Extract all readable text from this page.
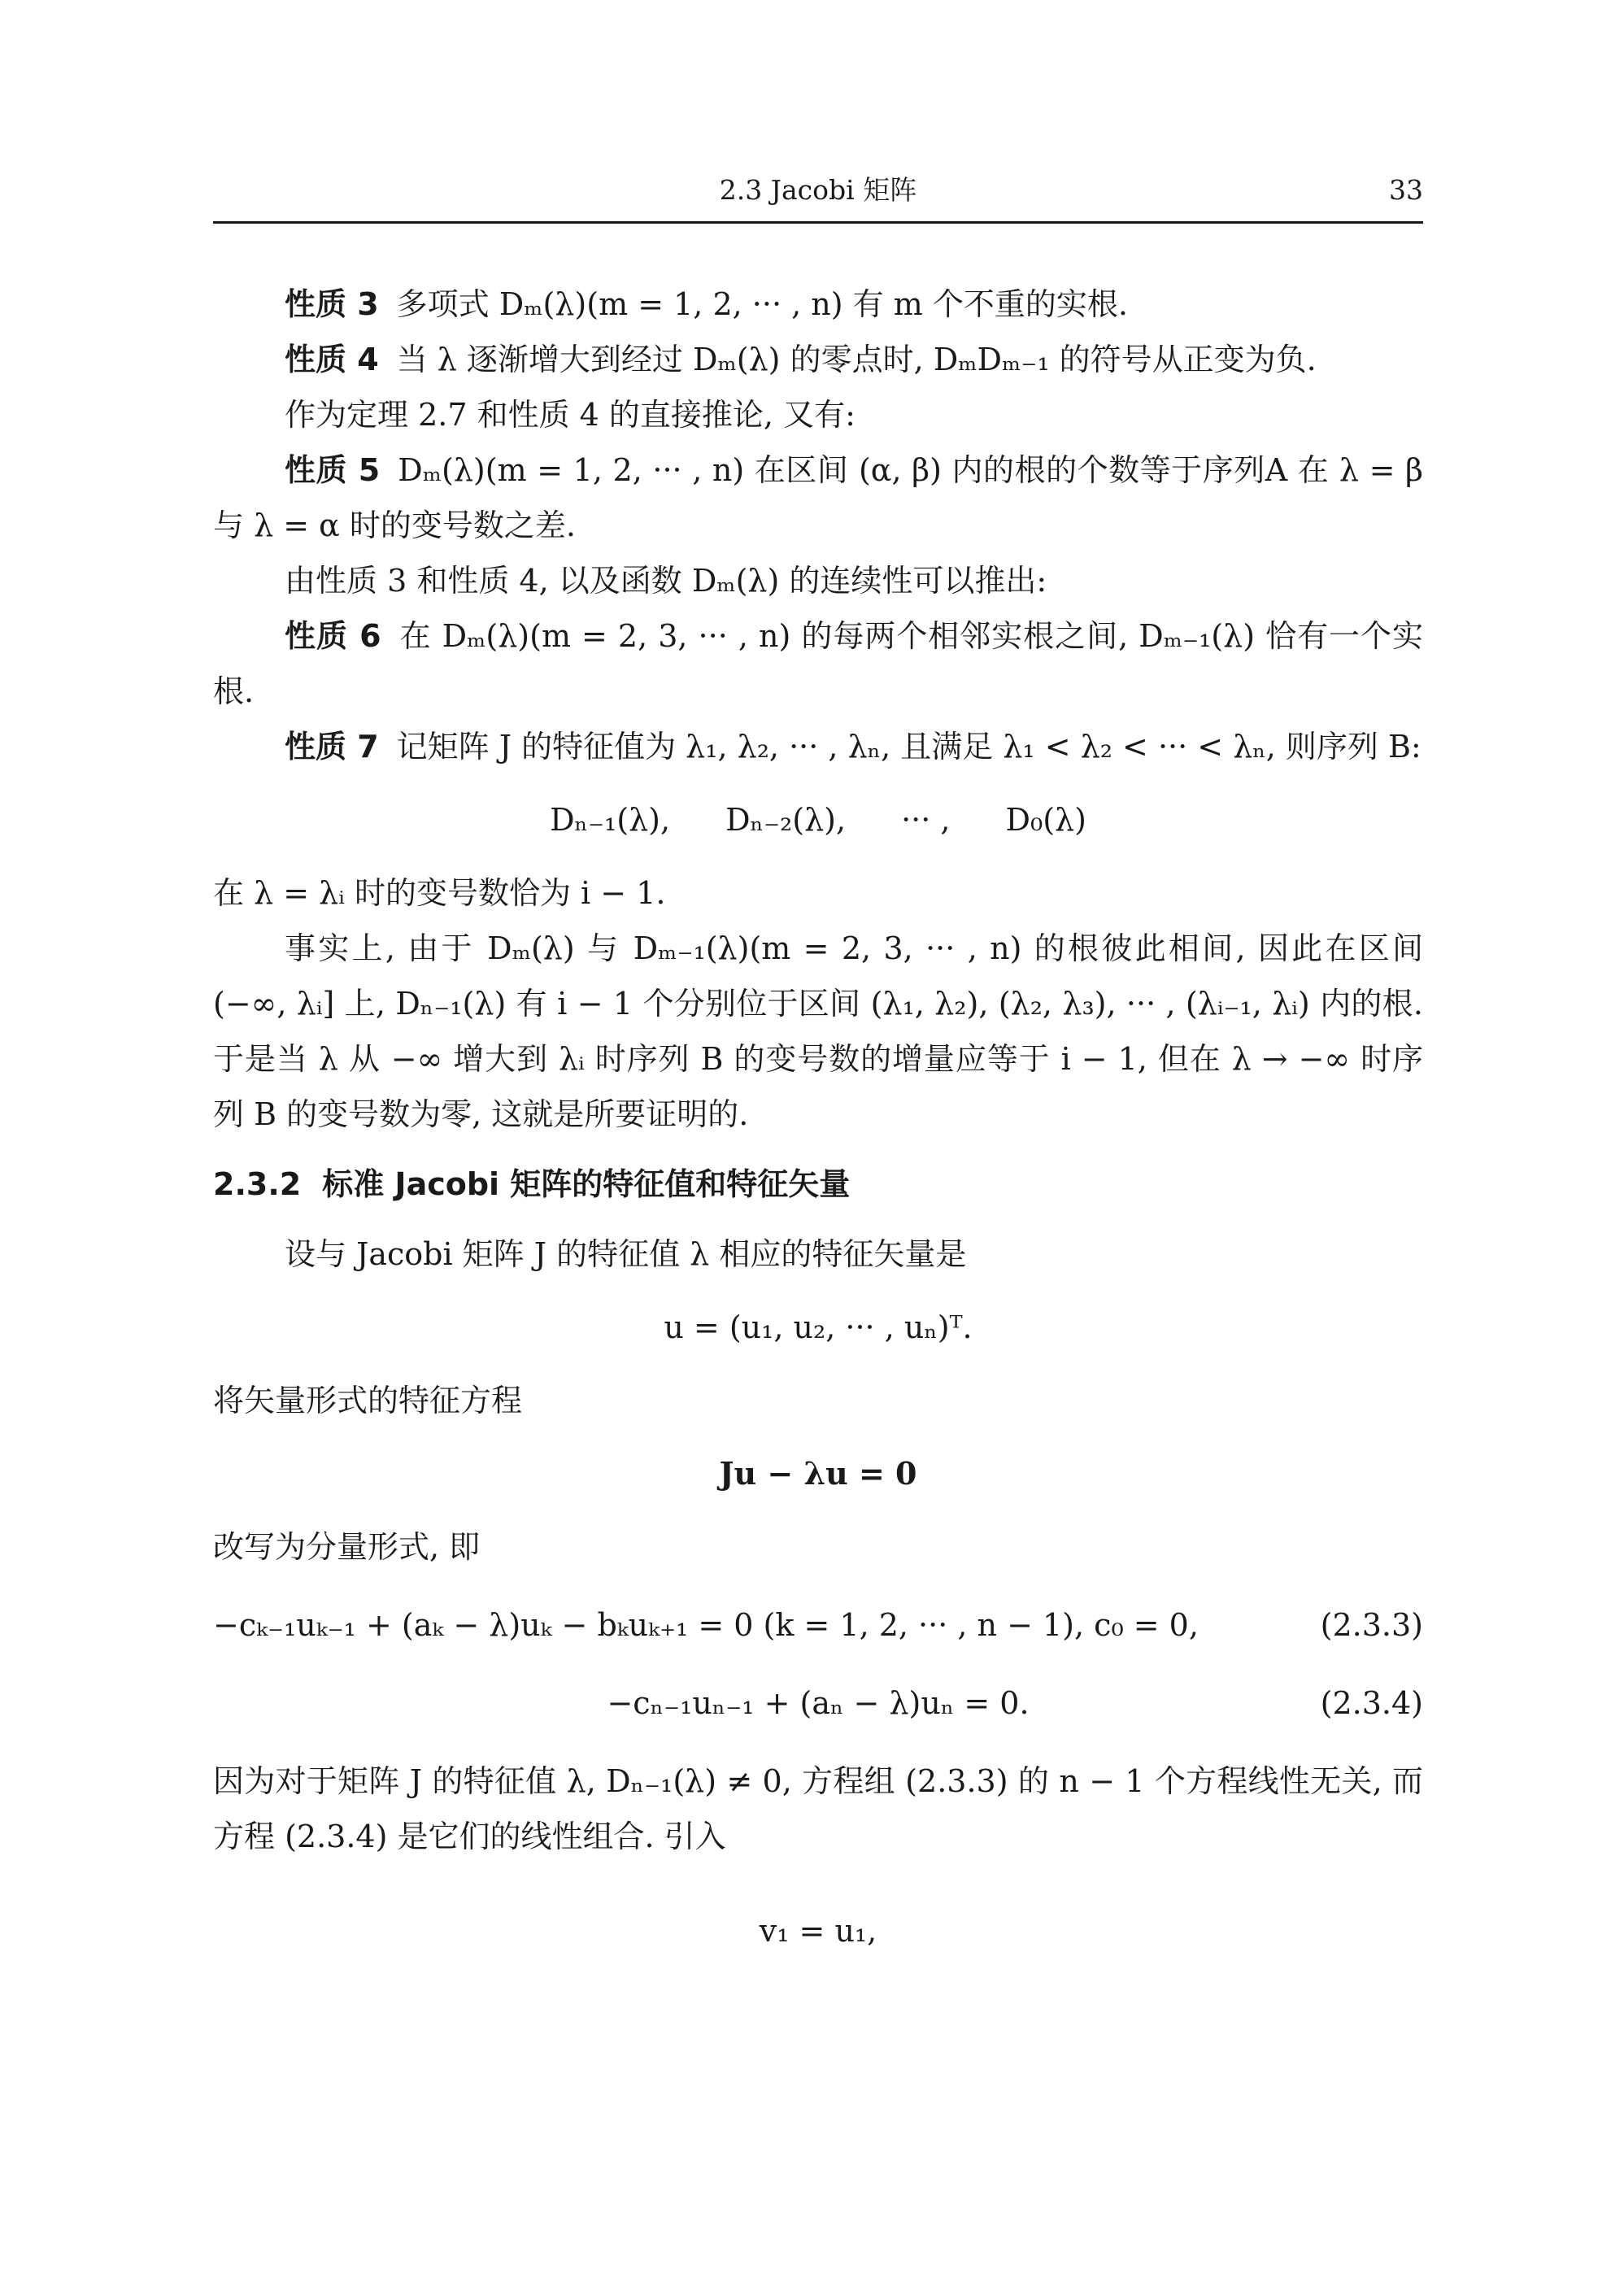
2.3 Jacobi 矩阵	33

性质 3 多项式 Dₘ(λ)(m = 1, 2, ··· , n) 有 m 个不重的实根.

性质 4 当 λ 逐渐增大到经过 Dₘ(λ) 的零点时, DₘDₘ₋₁ 的符号从正变为负.

作为定理 2.7 和性质 4 的直接推论, 又有:

性质 5 Dₘ(λ)(m = 1, 2, ··· , n) 在区间 (α, β) 内的根的个数等于序列A 在 λ = β 与 λ = α 时的变号数之差.

由性质 3 和性质 4, 以及函数 Dₘ(λ) 的连续性可以推出:

性质 6 在 Dₘ(λ)(m = 2, 3, ··· , n) 的每两个相邻实根之间, Dₘ₋₁(λ) 恰有一个实根.

性质 7 记矩阵 J 的特征值为 λ₁, λ₂, ··· , λₙ, 且满足 λ₁ < λ₂ < ··· < λₙ, 则序列 B:

Dₙ₋₁(λ), Dₙ₋₂(λ), ··· , D₀(λ)

在 λ = λᵢ 时的变号数恰为 i − 1.

事实上, 由于 Dₘ(λ) 与 Dₘ₋₁(λ)(m = 2, 3, ··· , n) 的根彼此相间, 因此在区间 (−∞, λᵢ] 上, Dₙ₋₁(λ) 有 i − 1 个分别位于区间 (λ₁, λ₂), (λ₂, λ₃), ··· , (λᵢ₋₁, λᵢ) 内的根. 于是当 λ 从 −∞ 增大到 λᵢ 时序列 B 的变号数的增量应等于 i − 1, 但在 λ → −∞ 时序列 B 的变号数为零, 这就是所要证明的.

2.3.2 标准 Jacobi 矩阵的特征值和特征矢量

设与 Jacobi 矩阵 J 的特征值 λ 相应的特征矢量是

u = (u₁, u₂, ··· , uₙ)ᵀ.

将矢量形式的特征方程

Ju − λu = 0

改写为分量形式, 即

−cₖ₋₁uₖ₋₁ + (aₖ − λ)uₖ − bₖuₖ₊₁ = 0 (k = 1, 2, ··· , n − 1), c₀ = 0,	(2.3.3)
−cₙ₋₁uₙ₋₁ + (aₙ − λ)uₙ = 0.	(2.3.4)

因为对于矩阵 J 的特征值 λ, Dₙ₋₁(λ) ≠ 0, 方程组 (2.3.3) 的 n − 1 个方程线性无关, 而方程 (2.3.4) 是它们的线性组合. 引入

v₁ = u₁,
